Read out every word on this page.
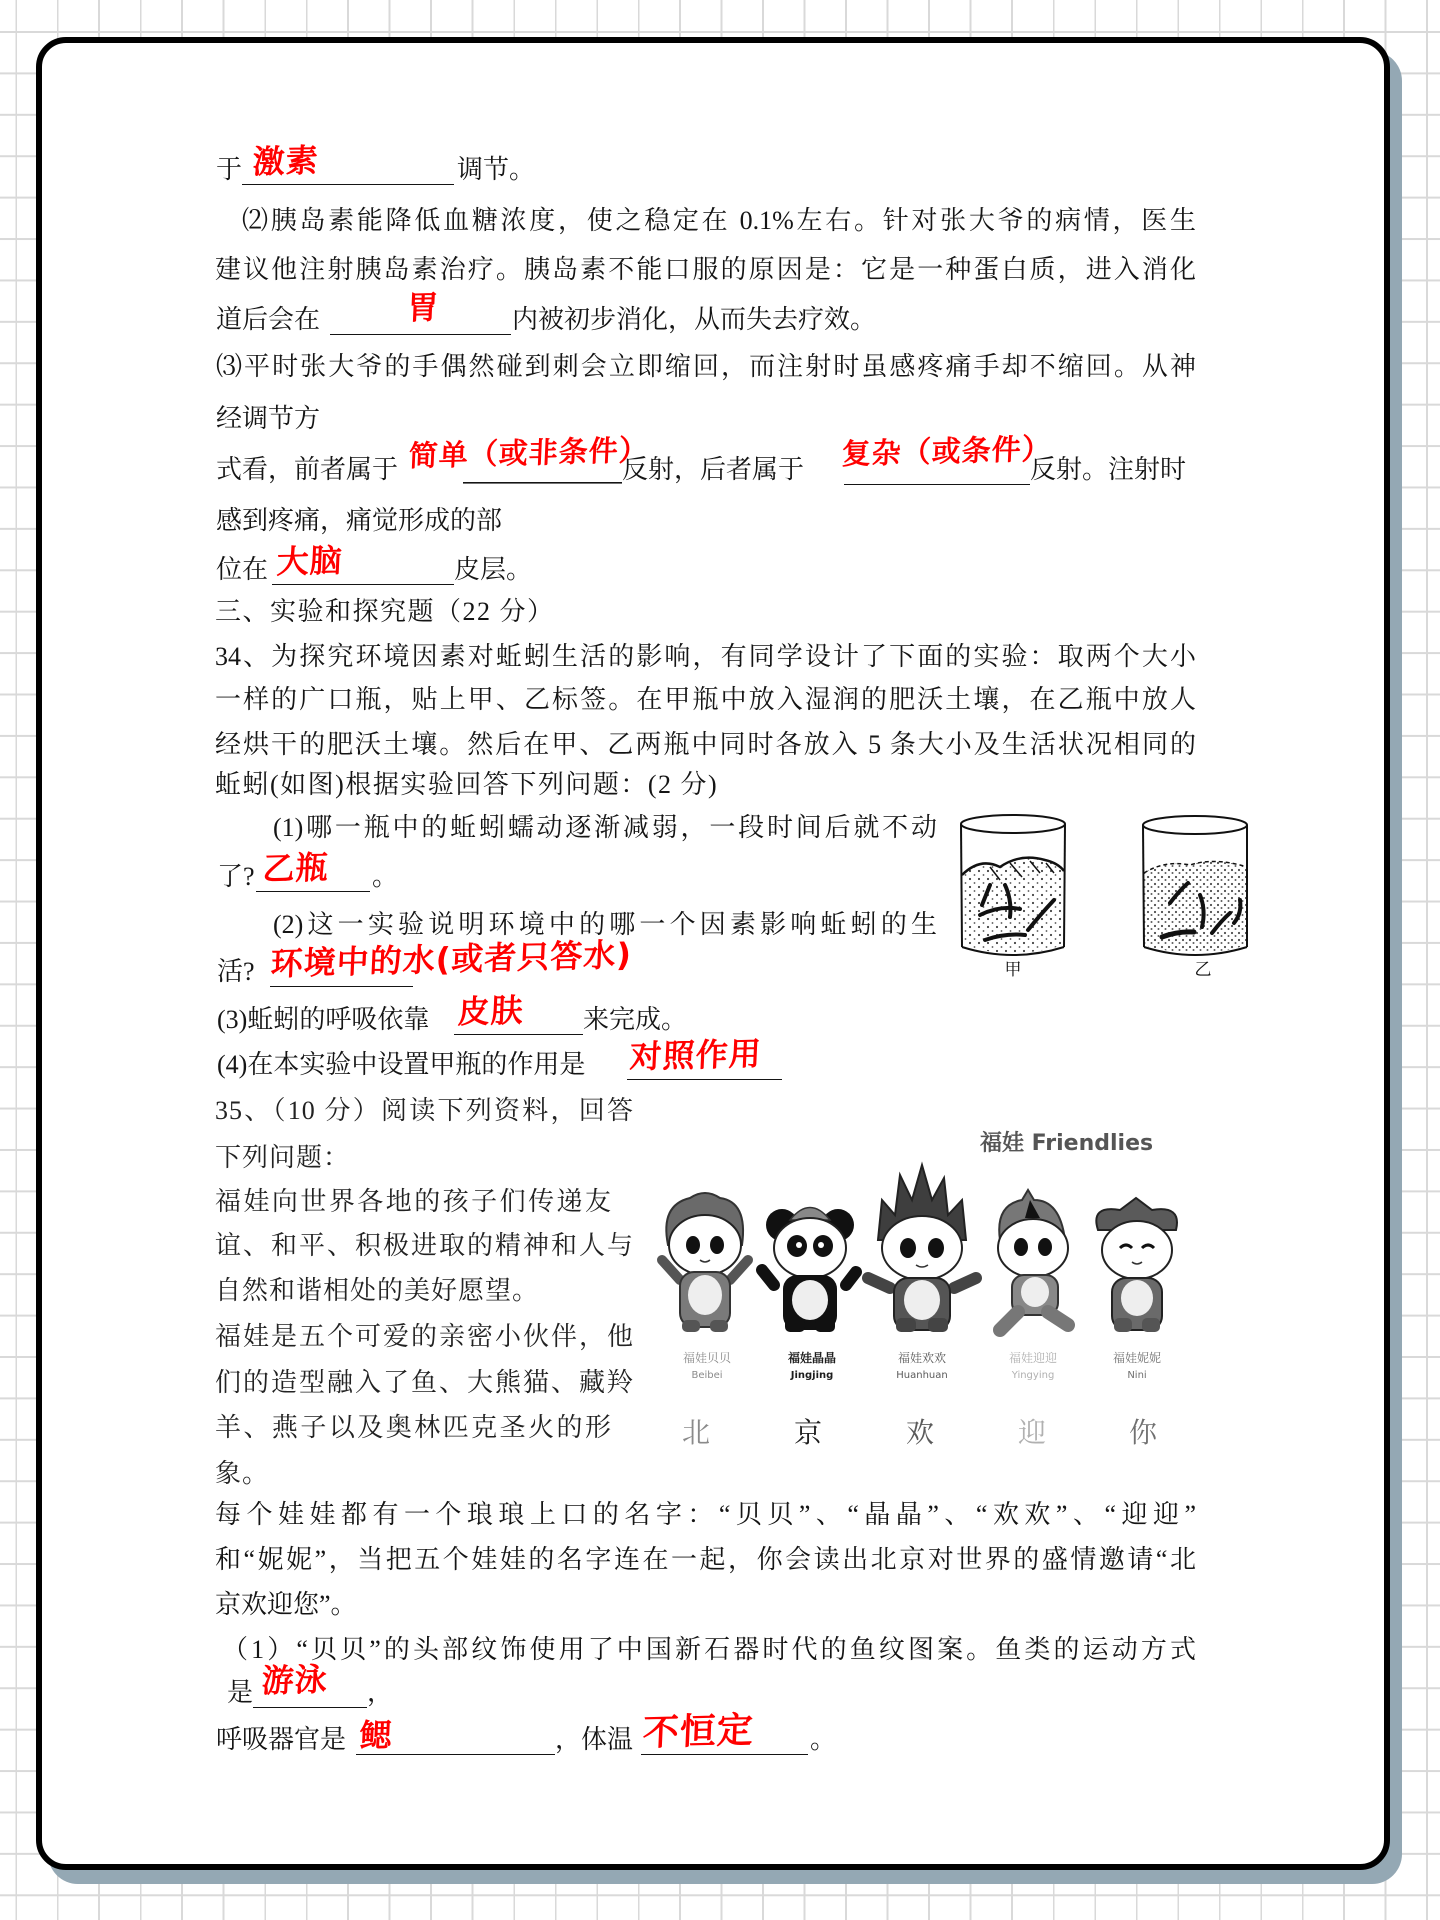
于 激素	调节。
⑵胰岛素能降低血糖浓度，使之稳定在 0.1%左右。针对张大爷的病情，医生
建议他注射胰岛素治疗。胰岛素不能口服的原因是：它是一种蛋白质，进入消化
道后会在	胃	内被初步消化，从而失去疗效。
⑶平时张大爷的手偶然碰到刺会立即缩回，而注射时虽感疼痛手却不缩回。从神
经调节方
式看，前者属于 简单（或非条件）
反射，后者属于 复杂（或条件）
反射。注射时
感到疼痛，痛觉形成的部
位在 大脑	皮层。
三、实验和探究题（22 分）
34、为探究环境因素对蚯蚓生活的影响，有同学设计了下面的实验：取两个大小
一样的广口瓶，贴上甲、乙标签。在甲瓶中放入湿润的肥沃土壤，在乙瓶中放人
经烘干的肥沃土壤。然后在甲、乙两瓶中同时各放入 5 条大小及生活状况相同的
蚯蚓(如图)根据实验回答下列问题：(2 分)
(1)哪一瓶中的蚯蚓蠕动逐渐减弱，一段时间后就不动
了? 乙瓶 。
(2)这一实验说明环境中的哪一个因素影响蚯蚓的生
活? 环境中的水(或者只答水)
(3)蚯蚓的呼吸依靠 皮肤 来完成。
(4)在本实验中设置甲瓶的作用是 对照作用
甲	乙
35、（10 分）阅读下列资料，回答
下列问题：
福娃向世界各地的孩子们传递友
谊、和平、积极进取的精神和人与
自然和谐相处的美好愿望。
福娃是五个可爱的亲密小伙伴，他
们的造型融入了鱼、大熊猫、藏羚
羊、燕子以及奥林匹克圣火的形
象。
每个娃娃都有一个琅琅上口的名字：“贝贝”、“晶晶”、“欢欢”、“迎迎”
和“妮妮”，当把五个娃娃的名字连在一起，你会读出北京对世界的盛情邀请“北
京欢迎您”。
（1）“贝贝”的头部纹饰使用了中国新石器时代的鱼纹图案。鱼类的运动方式
是 游泳 ，
呼吸器官是 鳃	，体温 不恒定 。
福娃 Friendlies
福娃贝贝
Beibei
福娃晶晶
Jingjing
福娃欢欢
Huanhuan
福娃迎迎
Yingying
福娃妮妮
Nini
北	京	欢	迎	你
